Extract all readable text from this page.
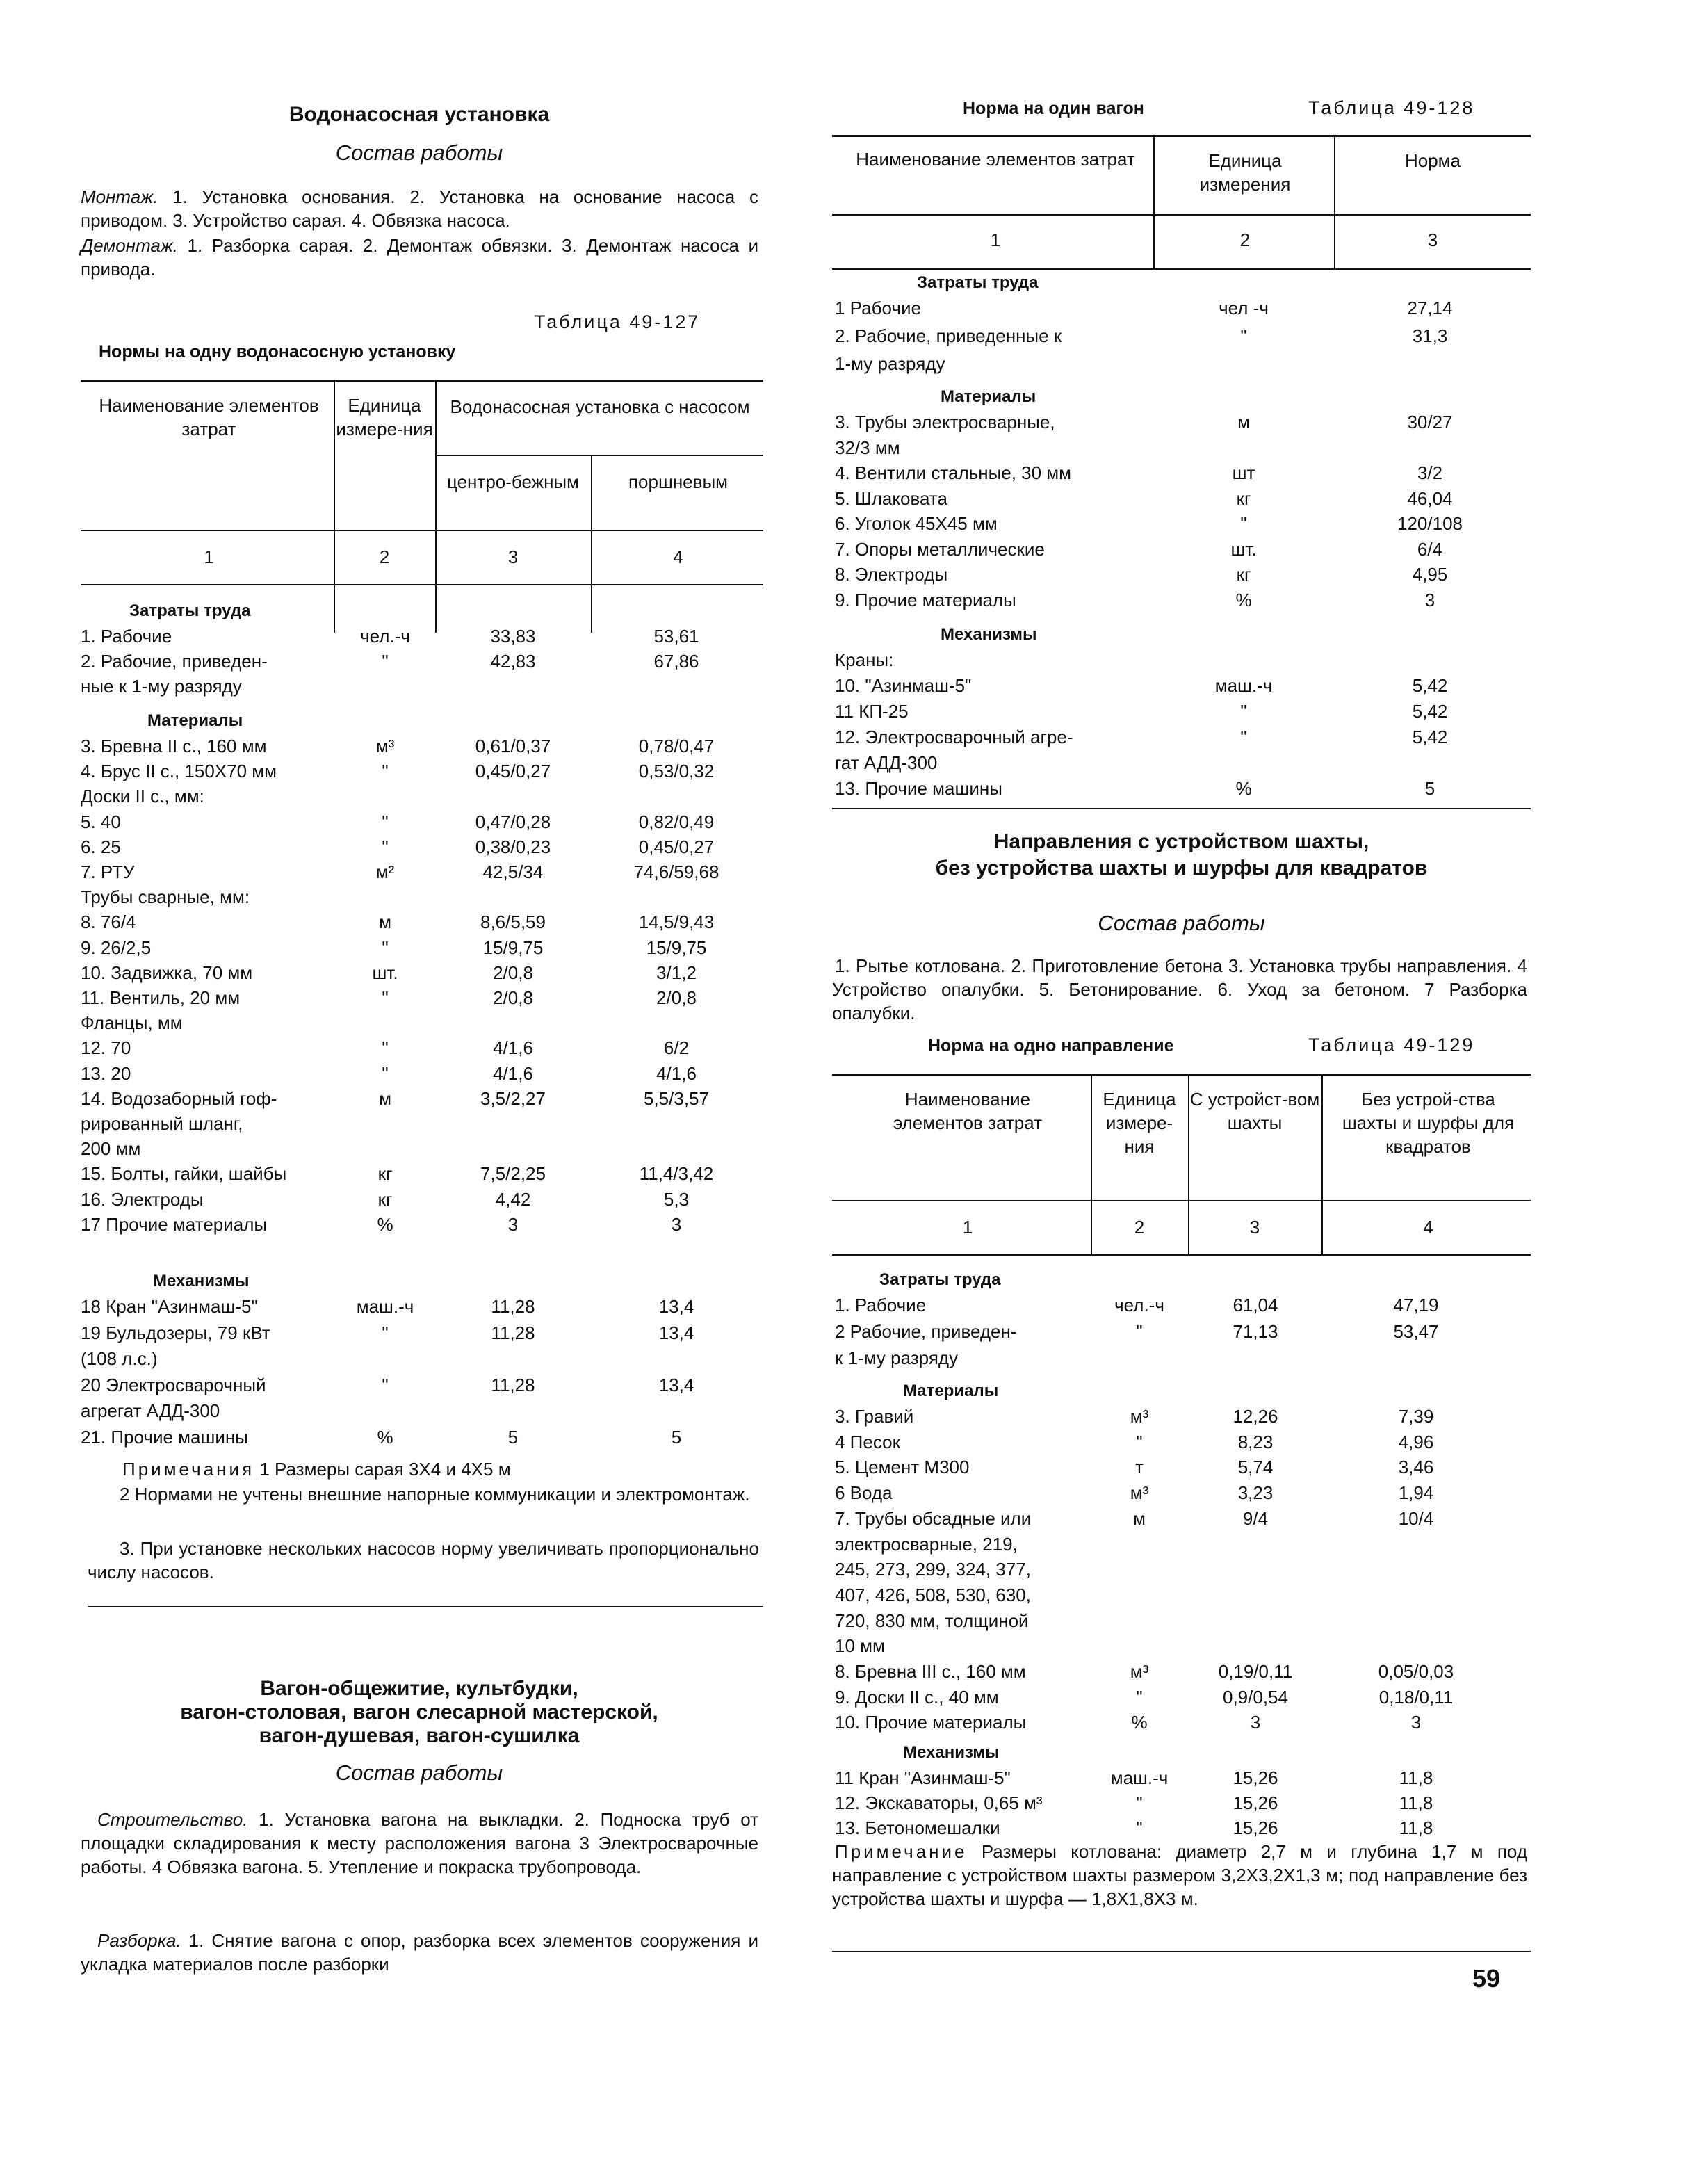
Водонасосная установка
Состав работы
Монтаж. 1. Установка основания. 2. Установка на основание насоса с приводом. 3. Устройство сарая. 4. Обвязка насоса.
Демонтаж. 1. Разборка сарая. 2. Демонтаж обвязки. 3. Демонтаж насоса и привода.
Таблица 49-127
Нормы на одну водонасосную установку
Наименование элементов затрат
Единица измере-ния
Водонасосная установка с насосом
центро-бежным	поршневым
1	2	3	4
Затраты труда
1. Рабочие	чел.-ч	33,83	53,61
2. Рабочие, приведен-	"	42,83	67,86
ные к 1-му разряду
Материалы
3. Бревна II с., 160 мм	м³	0,61/0,37	0,78/0,47
4. Брус II с., 150Х70 мм	"	0,45/0,27	0,53/0,32
Доски II с., мм:
5. 40	"	0,47/0,28	0,82/0,49
6. 25	"	0,38/0,23	0,45/0,27
7. РТУ	м²	42,5/34	74,6/59,68
Трубы сварные, мм:
8. 76/4	м	8,6/5,59	14,5/9,43
9. 26/2,5	"	15/9,75	15/9,75
10. Задвижка, 70 мм	шт.	2/0,8	3/1,2
11. Вентиль, 20 мм	"	2/0,8	2/0,8
Фланцы, мм
12. 70	"	4/1,6	6/2
13. 20	"	4/1,6	4/1,6
14. Водозаборный гоф-	м	3,5/2,27	5,5/3,57
рированный шланг,
200 мм
15. Болты, гайки, шайбы	кг	7,5/2,25	11,4/3,42
16. Электроды	кг	4,42	5,3
17 Прочие материалы	%	3	3
Механизмы
18 Кран "Азинмаш-5"	маш.-ч	11,28	13,4
19 Бульдозеры, 79 кВт	"	11,28	13,4
(108 л.с.)
20 Электросварочный	"	11,28	13,4
агрегат АДД-300
21. Прочие машины	%	5	5
Примечания 1 Размеры сарая 3Х4 и 4Х5 м
2 Нормами не учтены внешние напорные коммуникации и электромонтаж.
3. При установке нескольких насосов норму увеличивать пропорционально числу насосов.
Вагон-общежитие, культбудки,
вагон-столовая, вагон слесарной мастерской,
вагон-душевая, вагон-сушилка
Состав работы
Строительство. 1. Установка вагона на выкладки. 2. Подноска труб от площадки складирования к месту расположения вагона 3 Электросварочные работы. 4 Обвязка вагона. 5. Утепление и покраска трубопровода.
Разборка. 1. Снятие вагона с опор, разборка всех элементов сооружения и укладка материалов после разборки
Норма на один вагон	Таблица 49-128
Наименование элементов затрат	Единица измерения
Норма
1	2	3
Затраты труда
1 Рабочие	чел -ч	27,14
2. Рабочие, приведенные к	"	31,3
1-му разряду
Материалы
3. Трубы электросварные,	м	30/27
32/3 мм
4. Вентили стальные, 30 мм	шт	3/2
5. Шлаковата	кг	46,04
6. Уголок 45Х45 мм	"	120/108
7. Опоры металлические	шт.	6/4
8. Электроды	кг	4,95
9. Прочие материалы	%	3
Механизмы
Краны:
10. "Азинмаш-5"	маш.-ч	5,42
11 КП-25	"	5,42
12. Электросварочный агре-	"	5,42
гат АДД-300
13. Прочие машины	%	5
Направления с устройством шахты,
без устройства шахты и шурфы для квадратов
Состав работы
1. Рытье котлована. 2. Приготовление бетона 3. Установка трубы направления. 4 Устройство опалубки. 5. Бетонирование. 6. Уход за бетоном. 7 Разборка опалубки.
Норма на одно направление	Таблица 49-129
Наименование элементов затрат
Единица измере-ния
С устройст-вом шахты
Без устрой-ства шахты и шурфы для квадратов
1	2	3	4
Затраты труда
1. Рабочие	чел.-ч	61,04	47,19
2 Рабочие, приведен-	"	71,13	53,47
к 1-му разряду
Материалы
3. Гравий	м³	12,26	7,39
4 Песок	"	8,23	4,96
5. Цемент М300	т	5,74	3,46
6 Вода	м³	3,23	1,94
7. Трубы обсадные или	м	9/4	10/4
электросварные, 219,
245, 273, 299, 324, 377,
407, 426, 508, 530, 630,
720, 830 мм, толщиной
10 мм
8. Бревна III с., 160 мм	м³	0,19/0,11	0,05/0,03
9. Доски II с., 40 мм	"	0,9/0,54	0,18/0,11
10. Прочие материалы	%	3	3
Механизмы
11 Кран "Азинмаш-5"	маш.-ч	15,26	11,8
12. Экскаваторы, 0,65 м³	"	15,26	11,8
13. Бетономешалки	"	15,26	11,8
Примечание Размеры котлована: диаметр 2,7 м и глубина 1,7 м под направление с устройством шахты размером 3,2Х3,2Х1,3 м; под направление без устройства шахты и шурфа — 1,8Х1,8Х3 м.
59
